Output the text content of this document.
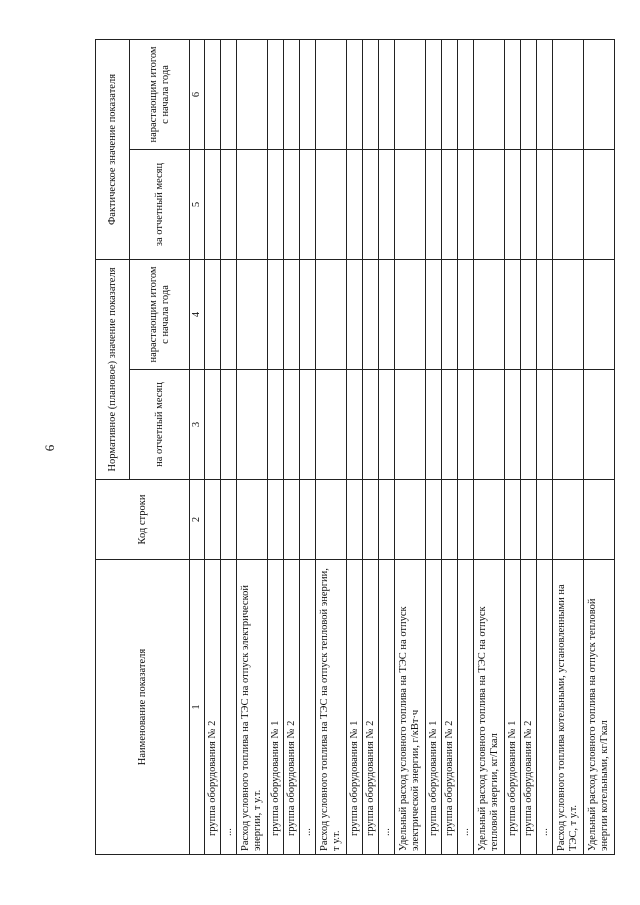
6
Наименование показателя	Код строки	Нормативное (плановое) значение показателя		Фактическое значение показателя	
		на отчетный месяц	нарастающим итогом с начала года	за отчетный месяц	нарастающим итогом с начала года
1	2	3	4	5	6
группа оборудования № 2					
...					
Расход условного топлива на ТЭС на отпуск электрической энергии, т у.т.					
группа оборудования № 1					
группа оборудования № 2					
...					
Расход условного топлива на ТЭС на отпуск тепловой энергии, т у.т.					
группа оборудования № 1					
группа оборудования № 2					
...					
Удельный расход условного топлива на ТЭС на отпуск электрической энергии, г/кВт·ч					
группа оборудования № 1					
группа оборудования № 2					
...					
Удельный расход условного топлива на ТЭС на отпуск тепловой энергии, кг/Гкал					
группа оборудования № 1					
группа оборудования № 2					
...					
Расход условного топлива котельными, установленными на ТЭС, т у.т.					
Удельный расход условного топлива на отпуск тепловой энергии котельными, кг/Гкал					
